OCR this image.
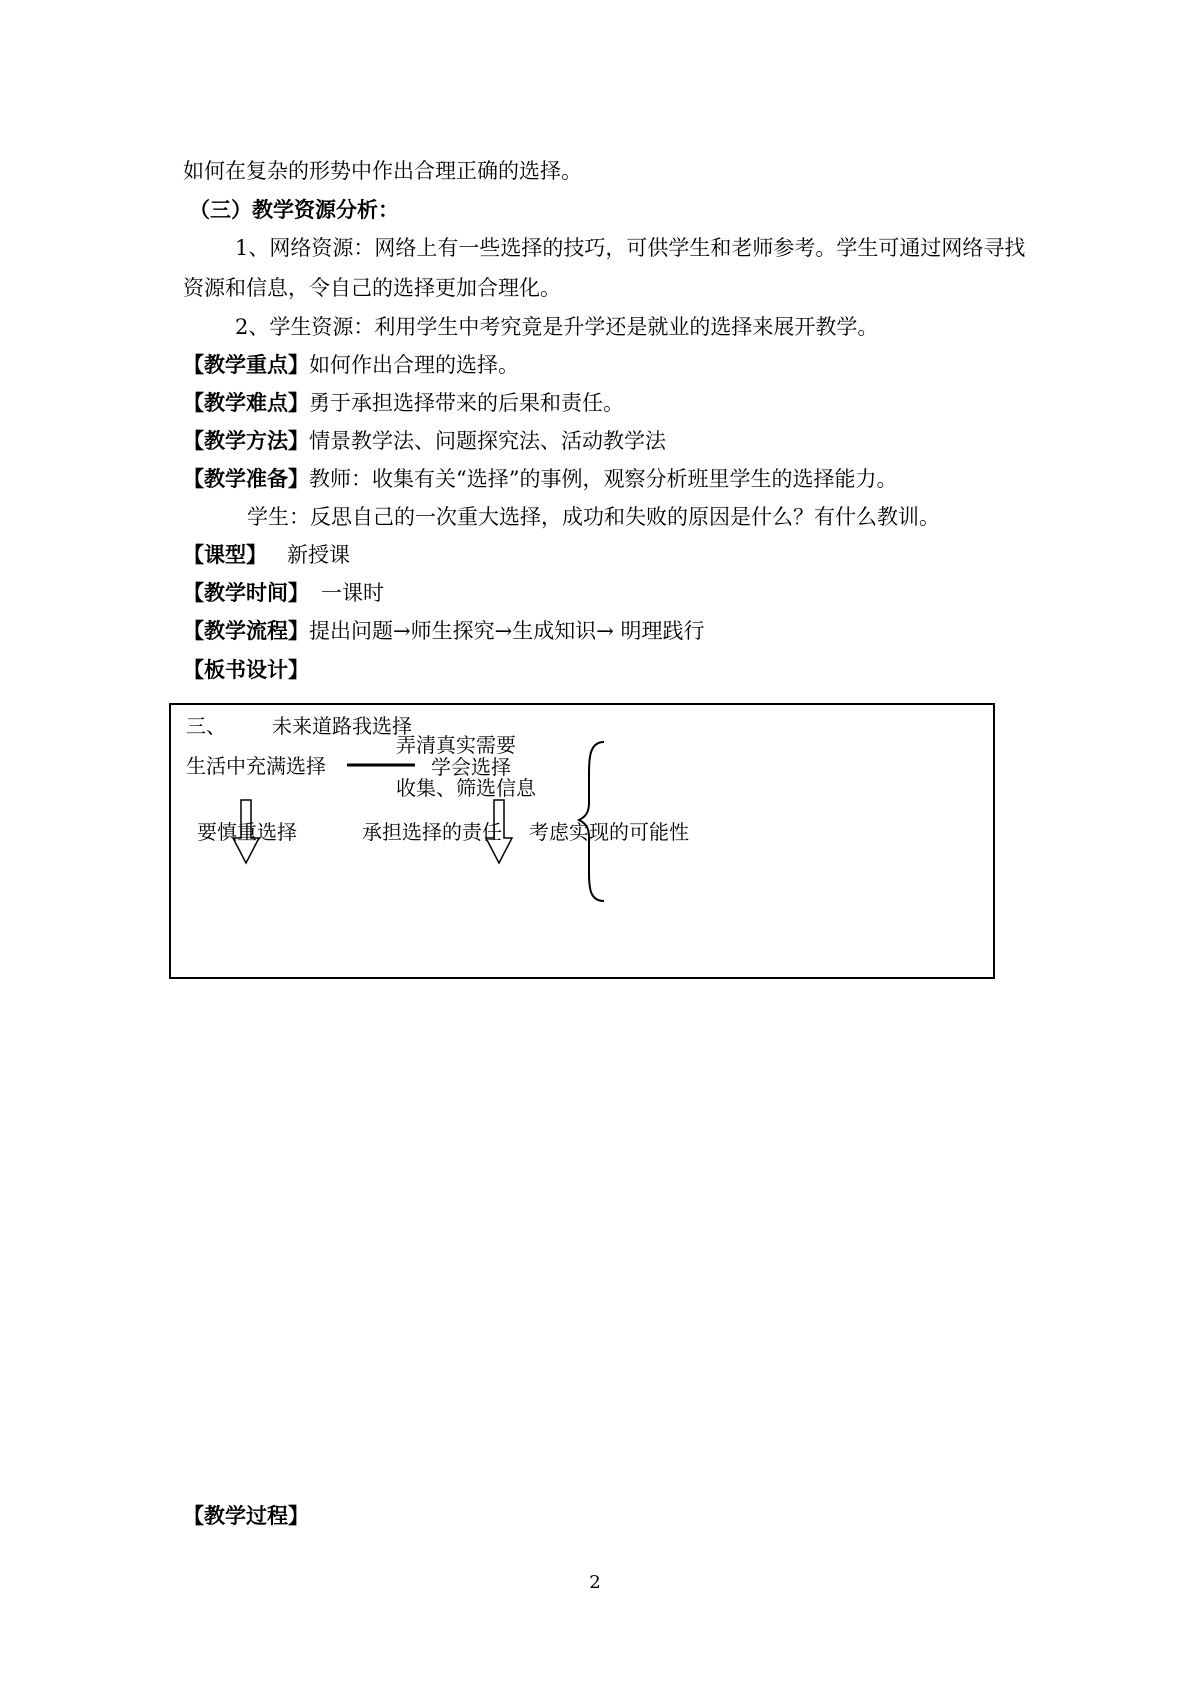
如何在复杂的形势中作出合理正确的选择。
（三）教学资源分析：
1、网络资源：网络上有一些选择的技巧，可供学生和老师参考。学生可通过网络寻找
资源和信息，令自己的选择更加合理化。
2、学生资源：利用学生中考究竟是升学还是就业的选择来展开教学。
【教学重点】如何作出合理的选择。
【教学难点】勇于承担选择带来的后果和责任。
【教学方法】情景教学法、问题探究法、活动教学法
【教学准备】教师：收集有关“选择”的事例，观察分析班里学生的选择能力。
学生：反思自己的一次重大选择，成功和失败的原因是什么？有什么教训。
【课型】 新授课
【教学时间】 一课时
【教学流程】提出问题→师生探究→生成知识→ 明理践行
【板书设计】
三、 未来道路我选择
弄清真实需要
生活中充满选择	学会选择
收集、筛选信息
要慎重选择	承担选择的责任 考虑实现的可能性
【教学过程】
2
